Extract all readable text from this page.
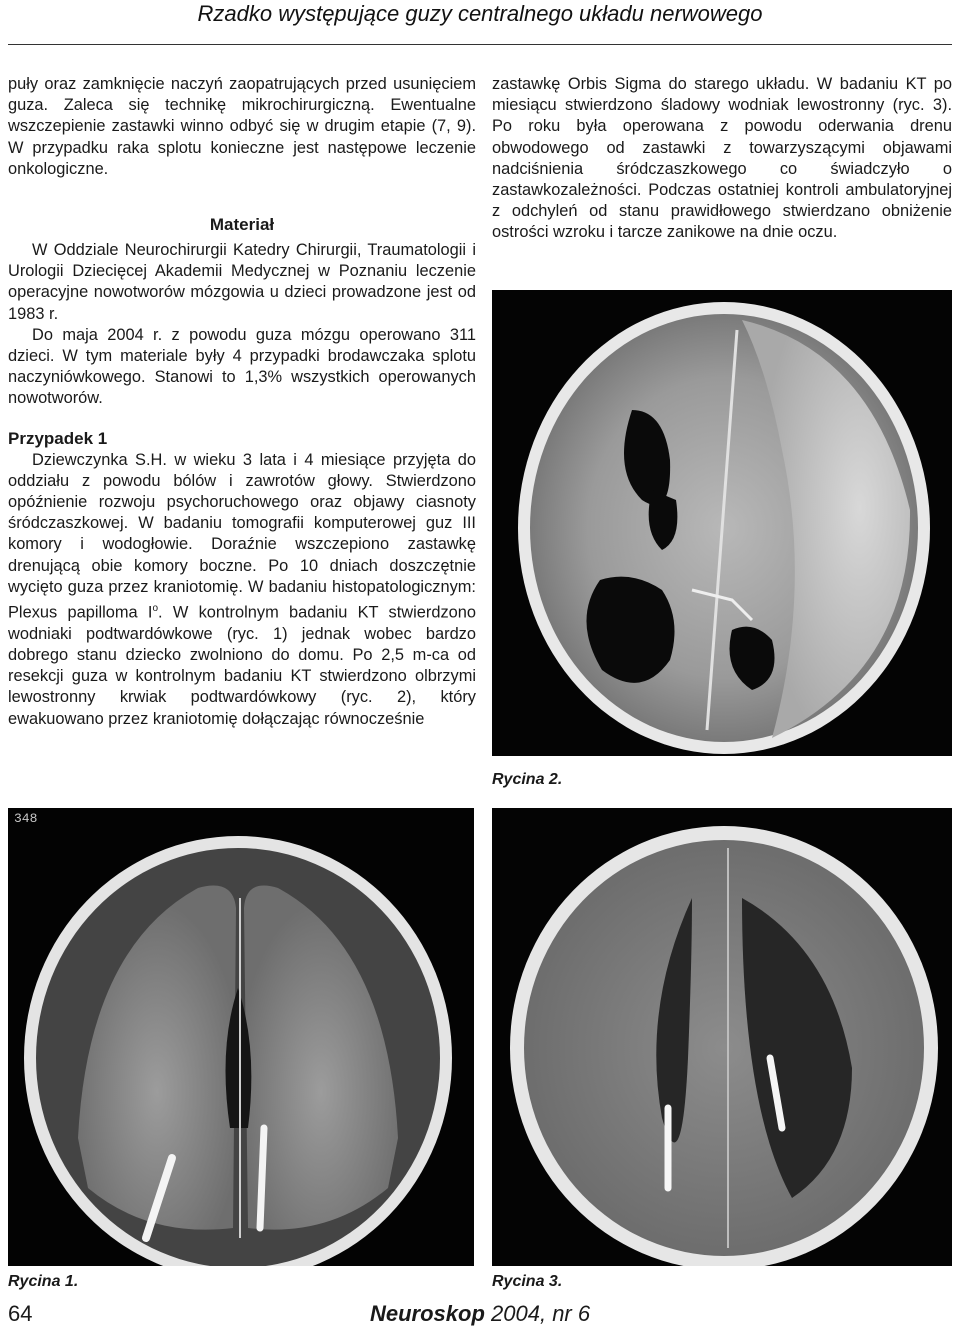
Rzadko występujące guzy centralnego układu nerwowego

puły oraz zamknięcie naczyń zaopatrujących przed usunięciem guza. Zaleca się technikę mikrochirurgiczną. Ewentualne wszczepienie zastawki winno odbyć się w drugim etapie (7, 9). W przypadku raka splotu konieczne jest następowe leczenie onkologiczne.

Materiał

W Oddziale Neurochirurgii Katedry Chirurgii, Traumatologii i Urologii Dziecięcej Akademii Medycznej w Poznaniu leczenie operacyjne nowotworów mózgowia u dzieci prowadzone jest od 1983 r.

Do maja 2004 r. z powodu guza mózgu operowano 311 dzieci. W tym materiale były 4 przypadki brodawczaka splotu naczyniówkowego. Stanowi to 1,3% wszystkich operowanych nowotworów.

Przypadek 1

Dziewczynka S.H. w wieku 3 lata i 4 miesiące przyjęta do oddziału z powodu bólów i zawrotów głowy. Stwierdzono opóźnienie rozwoju psychoruchowego oraz objawy ciasnoty śródczaszkowej. W badaniu tomografii komputerowej guz III komory i wodogłowie. Doraźnie wszczepiono zastawkę drenującą obie komory boczne. Po 10 dniach doszczętnie wycięto guza przez kraniotomię. W badaniu histopatologicznym: Plexus papilloma $I^o$. W kontrolnym badaniu KT stwierdzono wodniaki podtwardówkowe (ryc. 1) jednak wobec bardzo dobrego stanu dziecko zwolniono do domu. Po 2,5 m-ca od resekcji guza w kontrolnym badaniu KT stwierdzono olbrzymi lewostronny krwiak podtwardówkowy (ryc. 2), który ewakuowano przez kraniotomię dołączając równocześnie

zastawkę Orbis Sigma do starego układu. W badaniu KT po miesiącu stwierdzono śladowy wodniak lewostronny (ryc. 3). Po roku była operowana z powodu oderwania drenu obwodowego od zastawki z towarzyszącymi objawami nadciśnienia śródczaszkowego co świadczyło o zastawkozależności. Podczas ostatniej kontroli ambulatoryjnej z odchyleń od stanu prawidłowego stwierdzano obniżenie ostrości wzroku i tarcze zanikowe na dnie oczu.

Rycina 2.
348
Rycina 1.	Rycina 3.
64	Neuroskop 2004, nr 6
